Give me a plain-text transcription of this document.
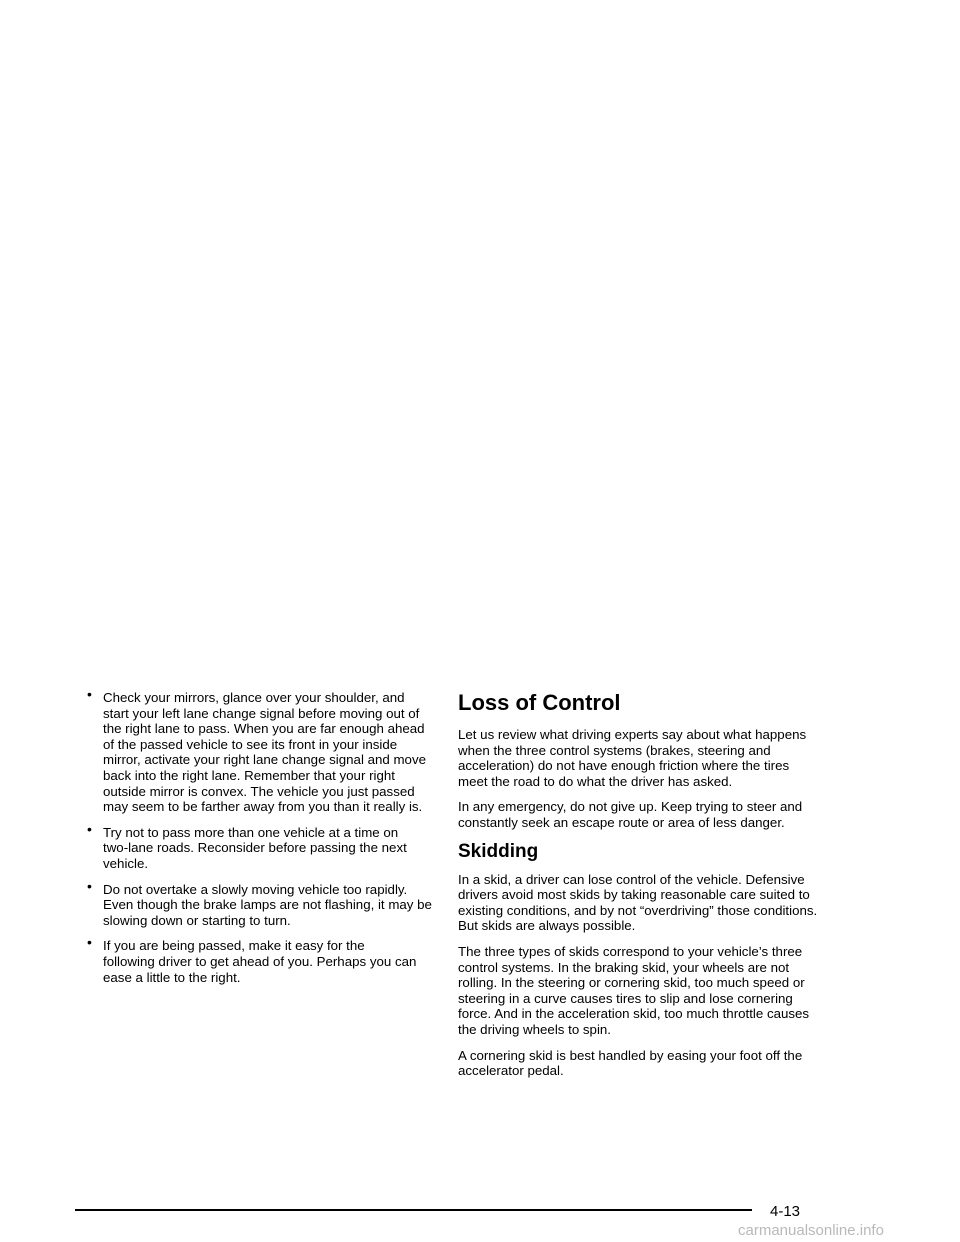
• Check your mirrors, glance over your shoulder, and
start your left lane change signal before moving out of the right lane to pass. When you are far enough ahead of the passed vehicle to see its front in your inside mirror, activate your right lane change signal and move back into the right lane. Remember that your right outside mirror is convex. The vehicle you just passed may seem to be farther away from you than it really is.
• Try not to pass more than one vehicle at a time on
two-lane roads. Reconsider before passing the next vehicle.
• Do not overtake a slowly moving vehicle too rapidly.
Even though the brake lamps are not flashing, it may be slowing down or starting to turn.
• If you are being passed, make it easy for the
following driver to get ahead of you. Perhaps you can ease a little to the right.
Loss of Control

Let us review what driving experts say about what happens when the three control systems (brakes, steering and acceleration) do not have enough friction where the tires meet the road to do what the driver has asked.

In any emergency, do not give up. Keep trying to steer and constantly seek an escape route or area of less danger.

Skidding

In a skid, a driver can lose control of the vehicle. Defensive drivers avoid most skids by taking reasonable care suited to existing conditions, and by not “overdriving” those conditions. But skids are always possible.

The three types of skids correspond to your vehicle’s three control systems. In the braking skid, your wheels are not rolling. In the steering or cornering skid, too much speed or steering in a curve causes tires to slip and lose cornering force. And in the acceleration skid, too much throttle causes the driving wheels to spin.

A cornering skid is best handled by easing your foot off the accelerator pedal.

4-13
carmanualsonline.info
